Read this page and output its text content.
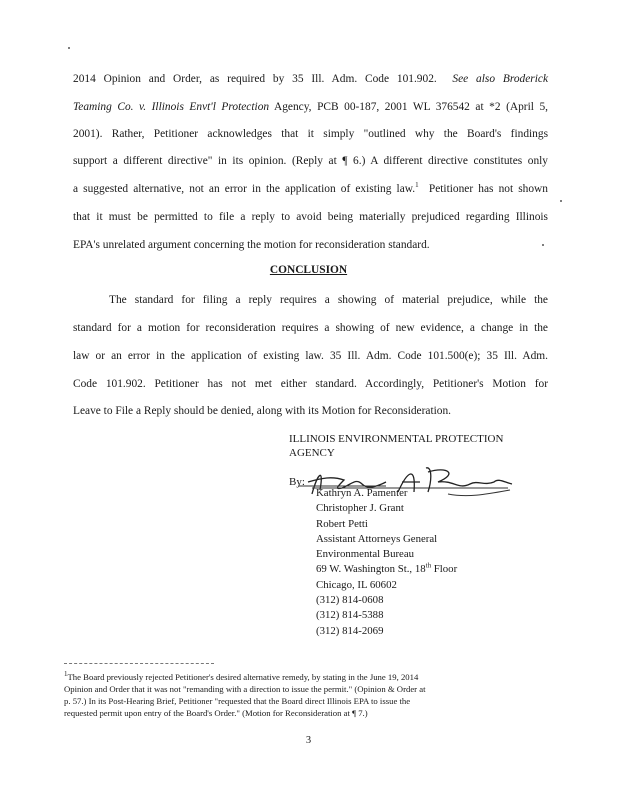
2014 Opinion and Order, as required by 35 Ill. Adm. Code 101.902. See also Broderick
Teaming Co. v. Illinois Envt'l Protection Agency, PCB 00-187, 2001 WL 376542 at *2 (April 5,
2001). Rather, Petitioner acknowledges that it simply "outlined why the Board's findings
support a different directive" in its opinion. (Reply at ¶ 6.) A different directive constitutes only
a suggested alternative, not an error in the application of existing law.$^1$ Petitioner has not shown
that it must be permitted to file a reply to avoid being materially prejudiced regarding Illinois
EPA's unrelated argument concerning the motion for reconsideration standard.
CONCLUSION
The standard for filing a reply requires a showing of material prejudice, while the
standard for a motion for reconsideration requires a showing of new evidence, a change in the
law or an error in the application of existing law. 35 Ill. Adm. Code 101.500(e); 35 Ill. Adm.
Code 101.902. Petitioner has not met either standard. Accordingly, Petitioner's Motion for
Leave to File a Reply should be denied, along with its Motion for Reconsideration.
ILLINOIS ENVIRONMENTAL PROTECTION
AGENCY
By:
Kathryn A. Pamenter
Christopher J. Grant
Robert Petti
Assistant Attorneys General
Environmental Bureau
69 W. Washington St., 18th Floor
Chicago, IL 60602
(312) 814-0608
(312) 814-5388
(312) 814-2069
$^1$The Board previously rejected Petitioner's desired alternative remedy, by stating in the June 19, 2014
Opinion and Order that it was not "remanding with a direction to issue the permit." (Opinion & Order at
p. 57.) In its Post-Hearing Brief, Petitioner "requested that the Board direct Illinois EPA to issue the
requested permit upon entry of the Board's Order." (Motion for Reconsideration at ¶ 7.)
3
